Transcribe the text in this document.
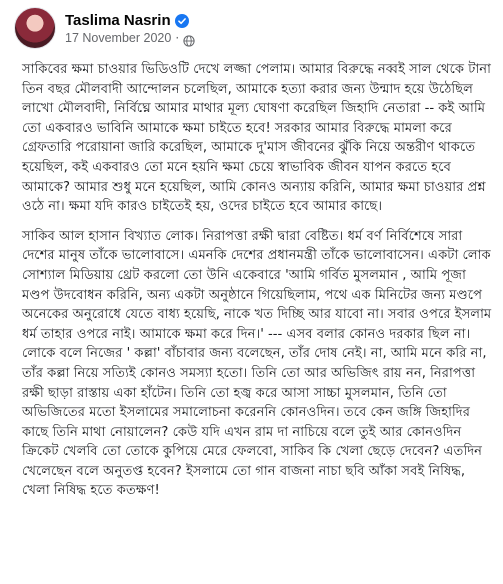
Taslima Nasrin
17 November 2020 ·

সাকিবের ক্ষমা চাওয়ার ভিডিওটি দেখে লজ্জা পেলাম। আমার বিরুদ্ধে নব্বই সাল থেকে টানা তিন বছর মৌলবাদী আন্দোলন চলেছিল, আমাকে হত্যা করার জন্য উন্মাদ হয়ে উঠেছিল লাখো মৌলবাদী, নির্বিঘ্নে আমার মাথার মূল্য ঘোষণা করেছিল জিহাদি নেতারা -- কই আমি তো একবারও ভাবিনি আমাকে ক্ষমা চাইতে হবে! সরকার আমার বিরুদ্ধে মামলা করে গ্রেফতারি পরোয়ানা জারি করেছিল, আমাকে দু'মাস জীবনের ঝুঁকি নিয়ে অন্তরীণ থাকতে হয়েছিল, কই একবারও তো মনে হয়নি ক্ষমা চেয়ে স্বাভাবিক জীবন যাপন করতে হবে আমাকে? আমার শুধু মনে হয়েছিল, আমি কোনও অন্যায় করিনি, আমার ক্ষমা চাওয়ার প্রশ্ন ওঠে না। ক্ষমা যদি কারও চাইতেই হয়, ওদের চাইতে হবে আমার কাছে।

সাকিব আল হাসান বিখ্যাত লোক। নিরাপত্তা রক্ষী দ্বারা বেষ্টিত। ধর্ম বর্ণ নির্বিশেষে সারা দেশের মানুষ তাঁকে ভালোবাসে। এমনকি দেশের প্রধানমন্ত্রী তাঁকে ভালোবাসেন। একটা লোক সোশ্যাল মিডিয়ায় থ্রেট করলো তো উনি একেবারে 'আমি গর্বিত মুসলমান , আমি পূজা মণ্ডপ উদবোধন করিনি, অন্য একটা অনুষ্ঠানে গিয়েছিলাম, পথে এক মিনিটের জন্য মণ্ডপে অনেকের অনুরোধে যেতে বাধ্য হয়েছি, নাকে খত দিচ্ছি আর যাবো না। সবার ওপরে ইসলাম ধর্ম তাহার ওপরে নাই। আমাকে ক্ষমা করে দিন।' --- এসব বলার কোনও দরকার ছিল না। লোকে বলে নিজের ' কল্লা' বাঁচাবার জন্য বলেছেন, তাঁর দোষ নেই। না, আমি মনে করি না, তাঁর কল্লা নিয়ে সত্যিই কোনও সমস্যা হতো। তিনি তো আর অভিজিৎ রায় নন, নিরাপত্তা রক্ষী ছাড়া রাস্তায় একা হাঁটেন। তিনি তো হজ্ব করে আসা সাচ্চা মুসলমান, তিনি তো অভিজিতের মতো ইসলামের সমালোচনা করেননি কোনওদিন। তবে কেন জঙ্গি জিহাদির কাছে তিনি মাথা নোয়ালেন? কেউ যদি এখন রাম দা নাচিয়ে বলে তুই আর কোনওদিন ক্রিকেট খেলবি তো তোকে কুপিয়ে মেরে ফেলবো, সাকিব কি খেলা ছেড়ে দেবেন? এতদিন খেলেছেন বলে অনুতপ্ত হবেন? ইসলামে তো গান বাজনা নাচা ছবি আঁকা সবই নিষিদ্ধ, খেলা নিষিদ্ধ হতে কতক্ষণ!
